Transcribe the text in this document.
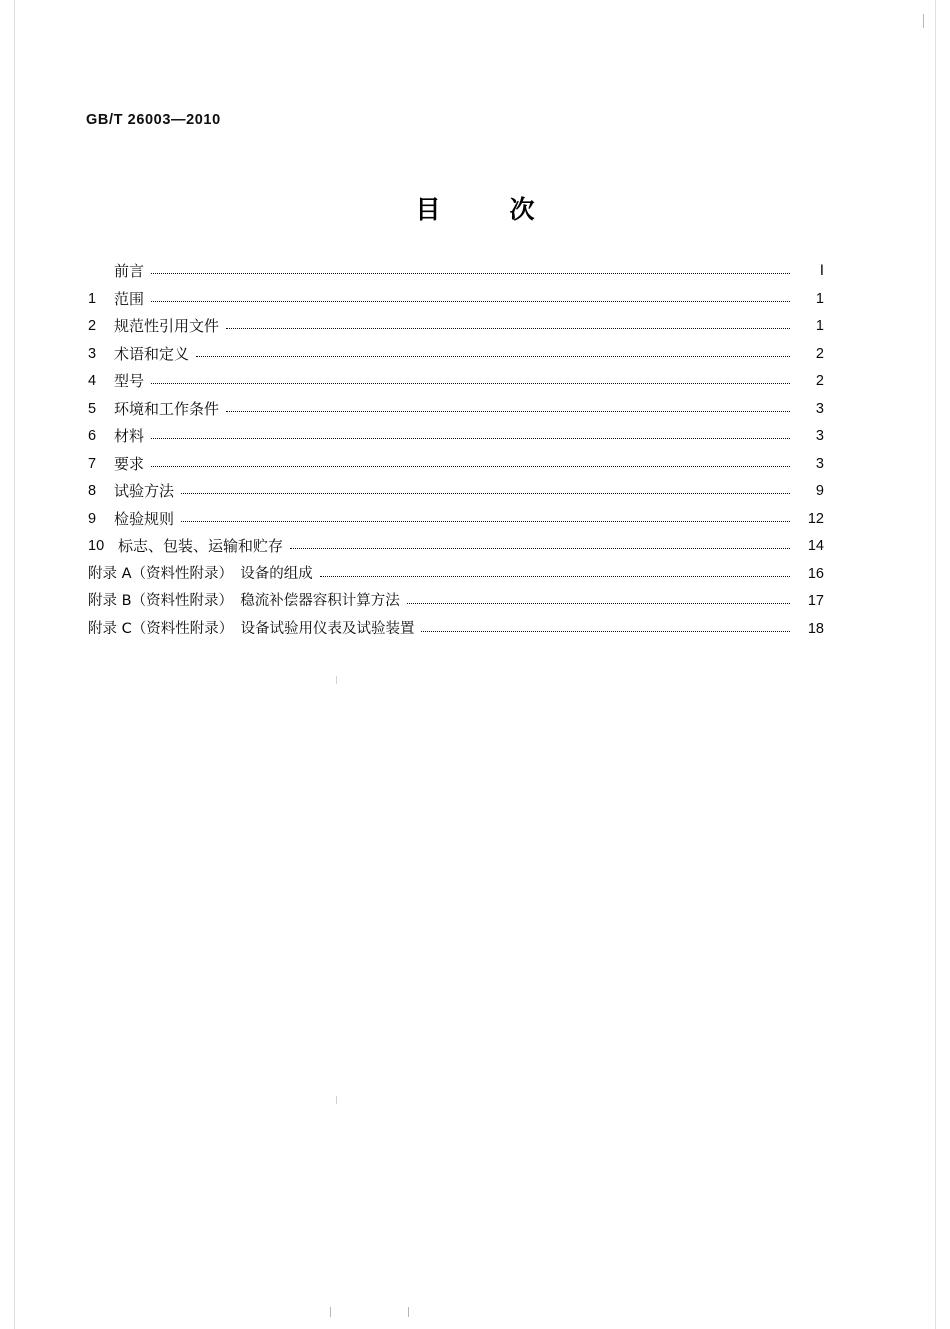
GB/T 26003—2010
目　次
前言	Ⅰ
1	范围	1
2	规范性引用文件	1
3	术语和定义	2
4	型号	2
5	环境和工作条件	3
6	材料	3
7	要求	3
8	试验方法	9
9	检验规则	12
10 标志、包装、运输和贮存	14
附录 A（资料性附录）　设备的组成	16
附录 B（资料性附录）　稳流补偿器容积计算方法	17
附录 C（资料性附录）　设备试验用仪表及试验装置	18
